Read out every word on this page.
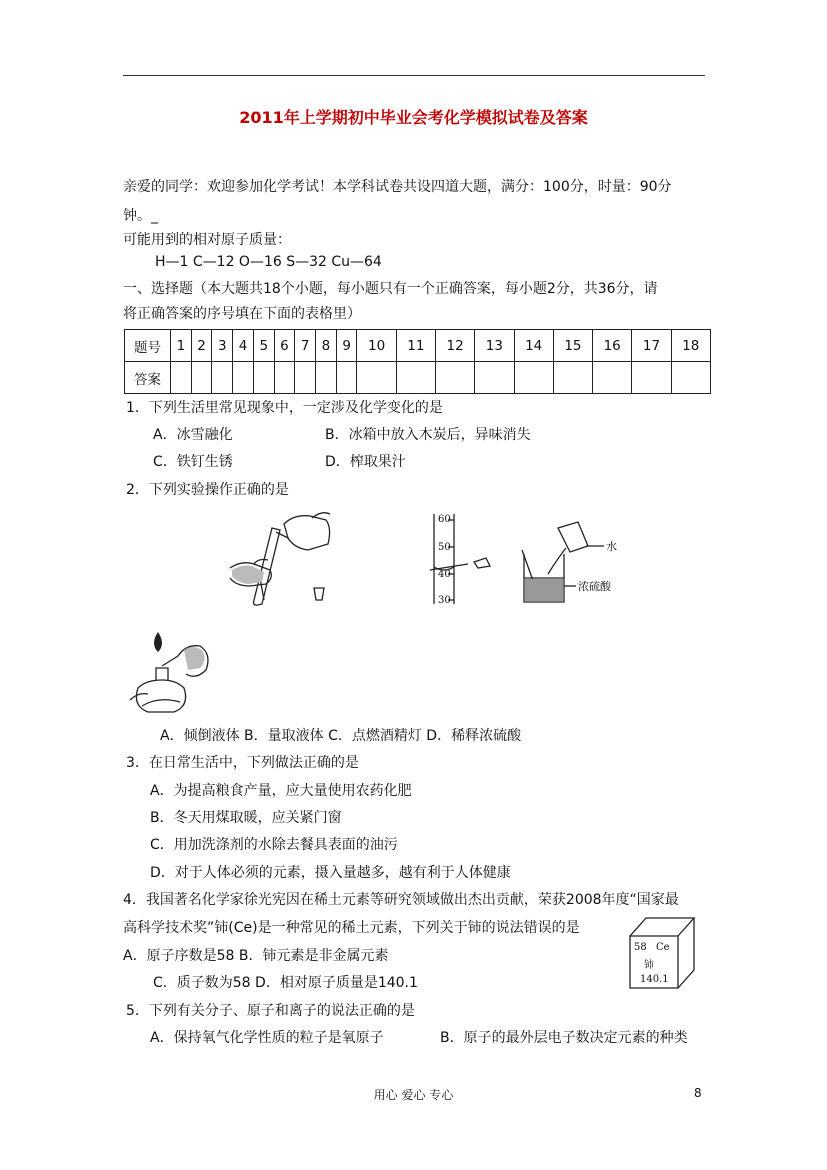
2011年上学期初中毕业会考化学模拟试卷及答案
亲爱的同学：欢迎参加化学考试！本学科试卷共设四道大题，满分：100分，时量：90分
钟。_
可能用到的相对原子质量：
H—1 C—12 O—16 S—32 Cu—64
一、选择题（本大题共18个小题，每小题只有一个正确答案，每小题2分，共36分，请
将正确答案的序号填在下面的表格里）
题号	1	2	3	4	5	6	7	8	9	10	11	12	13	14	15	16	17	18
答案																		
1．下列生活里常见现象中，一定涉及化学变化的是
A．冰雪融化	B．冰箱中放入木炭后，异味消失
C．铁钉生锈	D．榨取果汁
2．下列实验操作正确的是
60
50
40
30
水
浓硫酸
A．倾倒液体 B．量取液体 C．点燃酒精灯 D．稀释浓硫酸
3．在日常生活中，下列做法正确的是
A．为提高粮食产量，应大量使用农药化肥
B．冬天用煤取暖，应关紧门窗
C．用加洗涤剂的水除去餐具表面的油污
D．对于人体必须的元素，摄入量越多，越有利于人体健康
4．我国著名化学家徐光宪因在稀土元素等研究领域做出杰出贡献，荣获2008年度“国家最
高科学技术奖”铈(Ce)是一种常见的稀土元素，下列关于铈的说法错误的是
A．原子序数是58 B．铈元素是非金属元素
C．质子数为58 D．相对原子质量是140.1
58 Ce
铈
140.1
5．下列有关分子、原子和离子的说法正确的是
A．保持氧气化学性质的粒子是氧原子	B．原子的最外层电子数决定元素的种类
用心 爱心 专心	8
